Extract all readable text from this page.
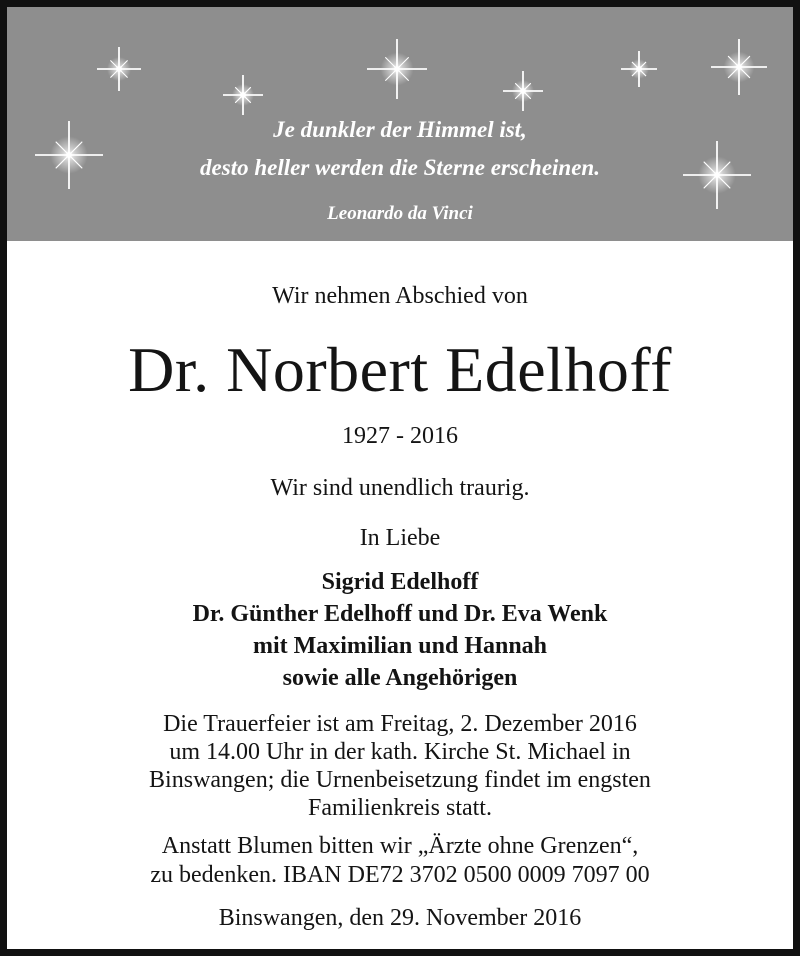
Je dunkler der Himmel ist,
desto heller werden die Sterne erscheinen.
Leonardo da Vinci
Wir nehmen Abschied von
Dr. Norbert Edelhoff
1927 - 2016
Wir sind unendlich traurig.
In Liebe
Sigrid Edelhoff
Dr. Günther Edelhoff und Dr. Eva Wenk
mit Maximilian und Hannah
sowie alle Angehörigen
Die Trauerfeier ist am Freitag, 2. Dezember 2016
um 14.00 Uhr in der kath. Kirche St. Michael in
Binswangen; die Urnenbeisetzung findet im engsten
Familienkreis statt.
Anstatt Blumen bitten wir „Ärzte ohne Grenzen“,
zu bedenken. IBAN DE72 3702 0500 0009 7097 00
Binswangen, den 29. November 2016
